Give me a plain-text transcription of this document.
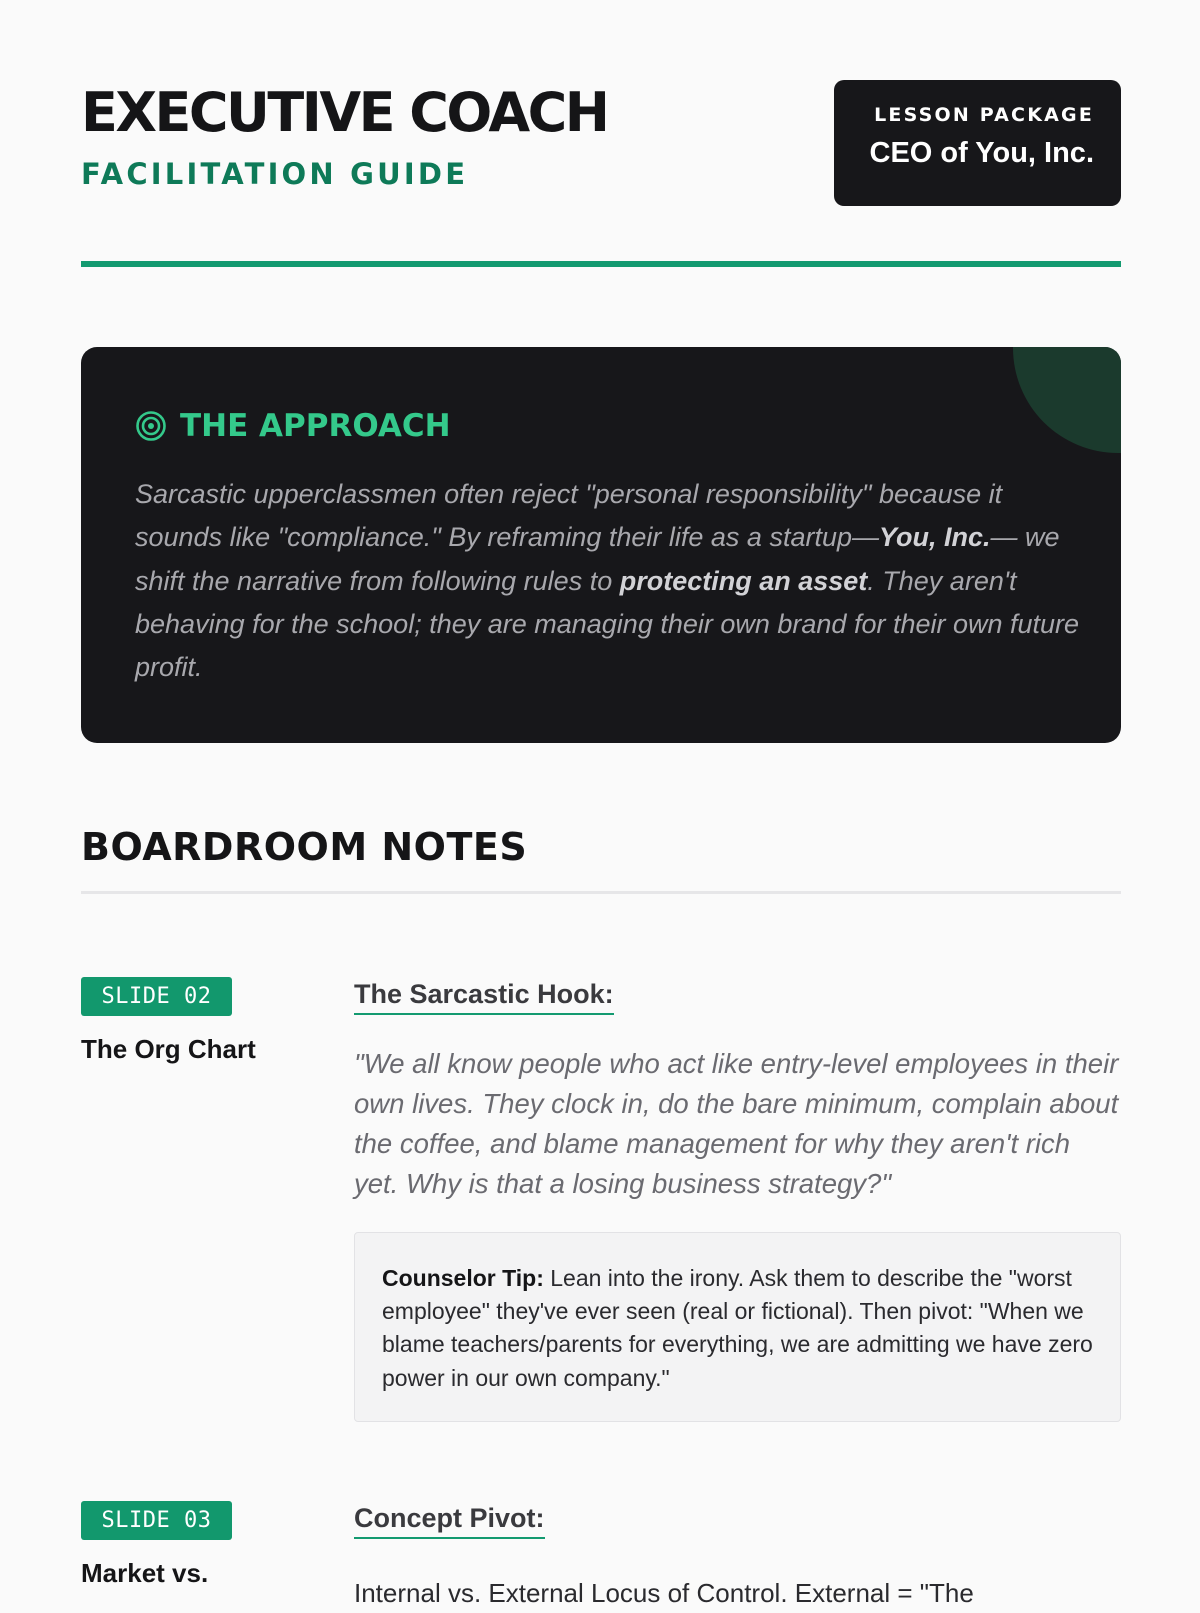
EXECUTIVE COACH
FACILITATION GUIDE
LESSON PACKAGE
CEO of You, Inc.
THE APPROACH

Sarcastic upperclassmen often reject "personal responsibility" because it sounds like "compliance." By reframing their life as a startup—You, Inc.— we shift the narrative from following rules to protecting an asset. They aren't behaving for the school; they are managing their own brand for their own future profit.

BOARDROOM NOTES
SLIDE 02
The Org Chart
The Sarcastic Hook:

"We all know people who act like entry-level employees in their own lives. They clock in, do the bare minimum, complain about the coffee, and blame management for why they aren't rich yet. Why is that a losing business strategy?"

Counselor Tip: Lean into the irony. Ask them to describe the "worst employee" they've ever seen (real or fictional). Then pivot: "When we blame teachers/parents for everything, we are admitting we have zero power in our own company."
SLIDE 03
Market vs.
Concept Pivot:

Internal vs. External Locus of Control. External = "The
